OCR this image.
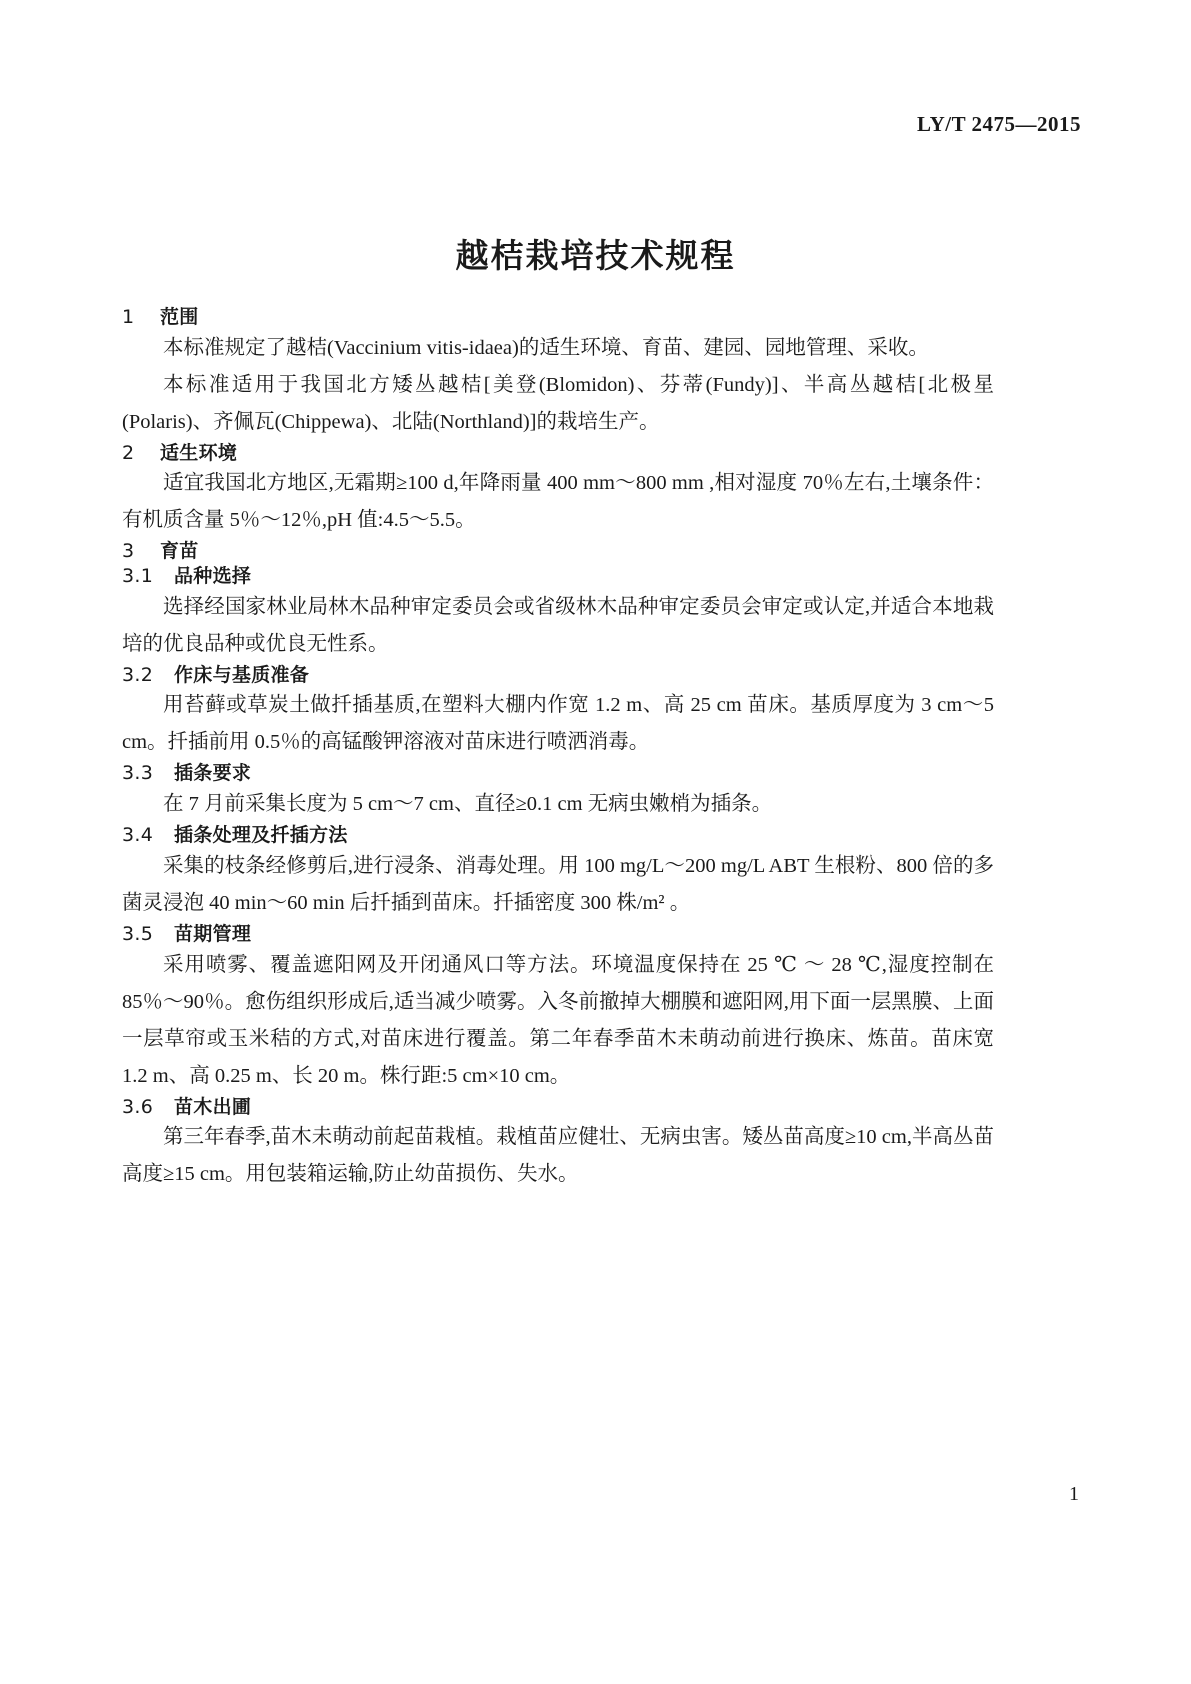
LY/T 2475—2015
越桔栽培技术规程
1 范围

本标准规定了越桔(Vaccinium vitis-idaea)的适生环境、育苗、建园、园地管理、采收。

本标准适用于我国北方矮丛越桔[美登(Blomidon)、芬蒂(Fundy)]、半高丛越桔[北极星(Polaris)、齐佩瓦(Chippewa)、北陆(Northland)]的栽培生产。

2 适生环境

适宜我国北方地区,无霜期≥100 d,年降雨量 400 mm～800 mm ,相对湿度 70％左右,土壤条件：有机质含量 5％～12％,pH 值:4.5～5.5。

3 育苗
3.1 品种选择

选择经国家林业局林木品种审定委员会或省级林木品种审定委员会审定或认定,并适合本地栽培的优良品种或优良无性系。

3.2 作床与基质准备

用苔藓或草炭土做扦插基质,在塑料大棚内作宽 1.2 m、高 25 cm 苗床。基质厚度为 3 cm～5 cm。扦插前用 0.5％的高锰酸钾溶液对苗床进行喷洒消毒。

3.3 插条要求

在 7 月前采集长度为 5 cm～7 cm、直径≥0.1 cm 无病虫嫩梢为插条。

3.4 插条处理及扦插方法

采集的枝条经修剪后,进行浸条、消毒处理。用 100 mg/L～200 mg/L ABT 生根粉、800 倍的多菌灵浸泡 40 min～60 min 后扦插到苗床。扦插密度 300 株/m² 。

3.5 苗期管理

采用喷雾、覆盖遮阳网及开闭通风口等方法。环境温度保持在 25 ℃ ～ 28 ℃,湿度控制在 85％～90％。愈伤组织形成后,适当减少喷雾。入冬前撤掉大棚膜和遮阳网,用下面一层黑膜、上面一层草帘或玉米秸的方式,对苗床进行覆盖。第二年春季苗木未萌动前进行换床、炼苗。苗床宽 1.2 m、高 0.25 m、长 20 m。株行距:5 cm×10 cm。

3.6 苗木出圃

第三年春季,苗木未萌动前起苗栽植。栽植苗应健壮、无病虫害。矮丛苗高度≥10 cm,半高丛苗高度≥15 cm。用包装箱运输,防止幼苗损伤、失水。

1
